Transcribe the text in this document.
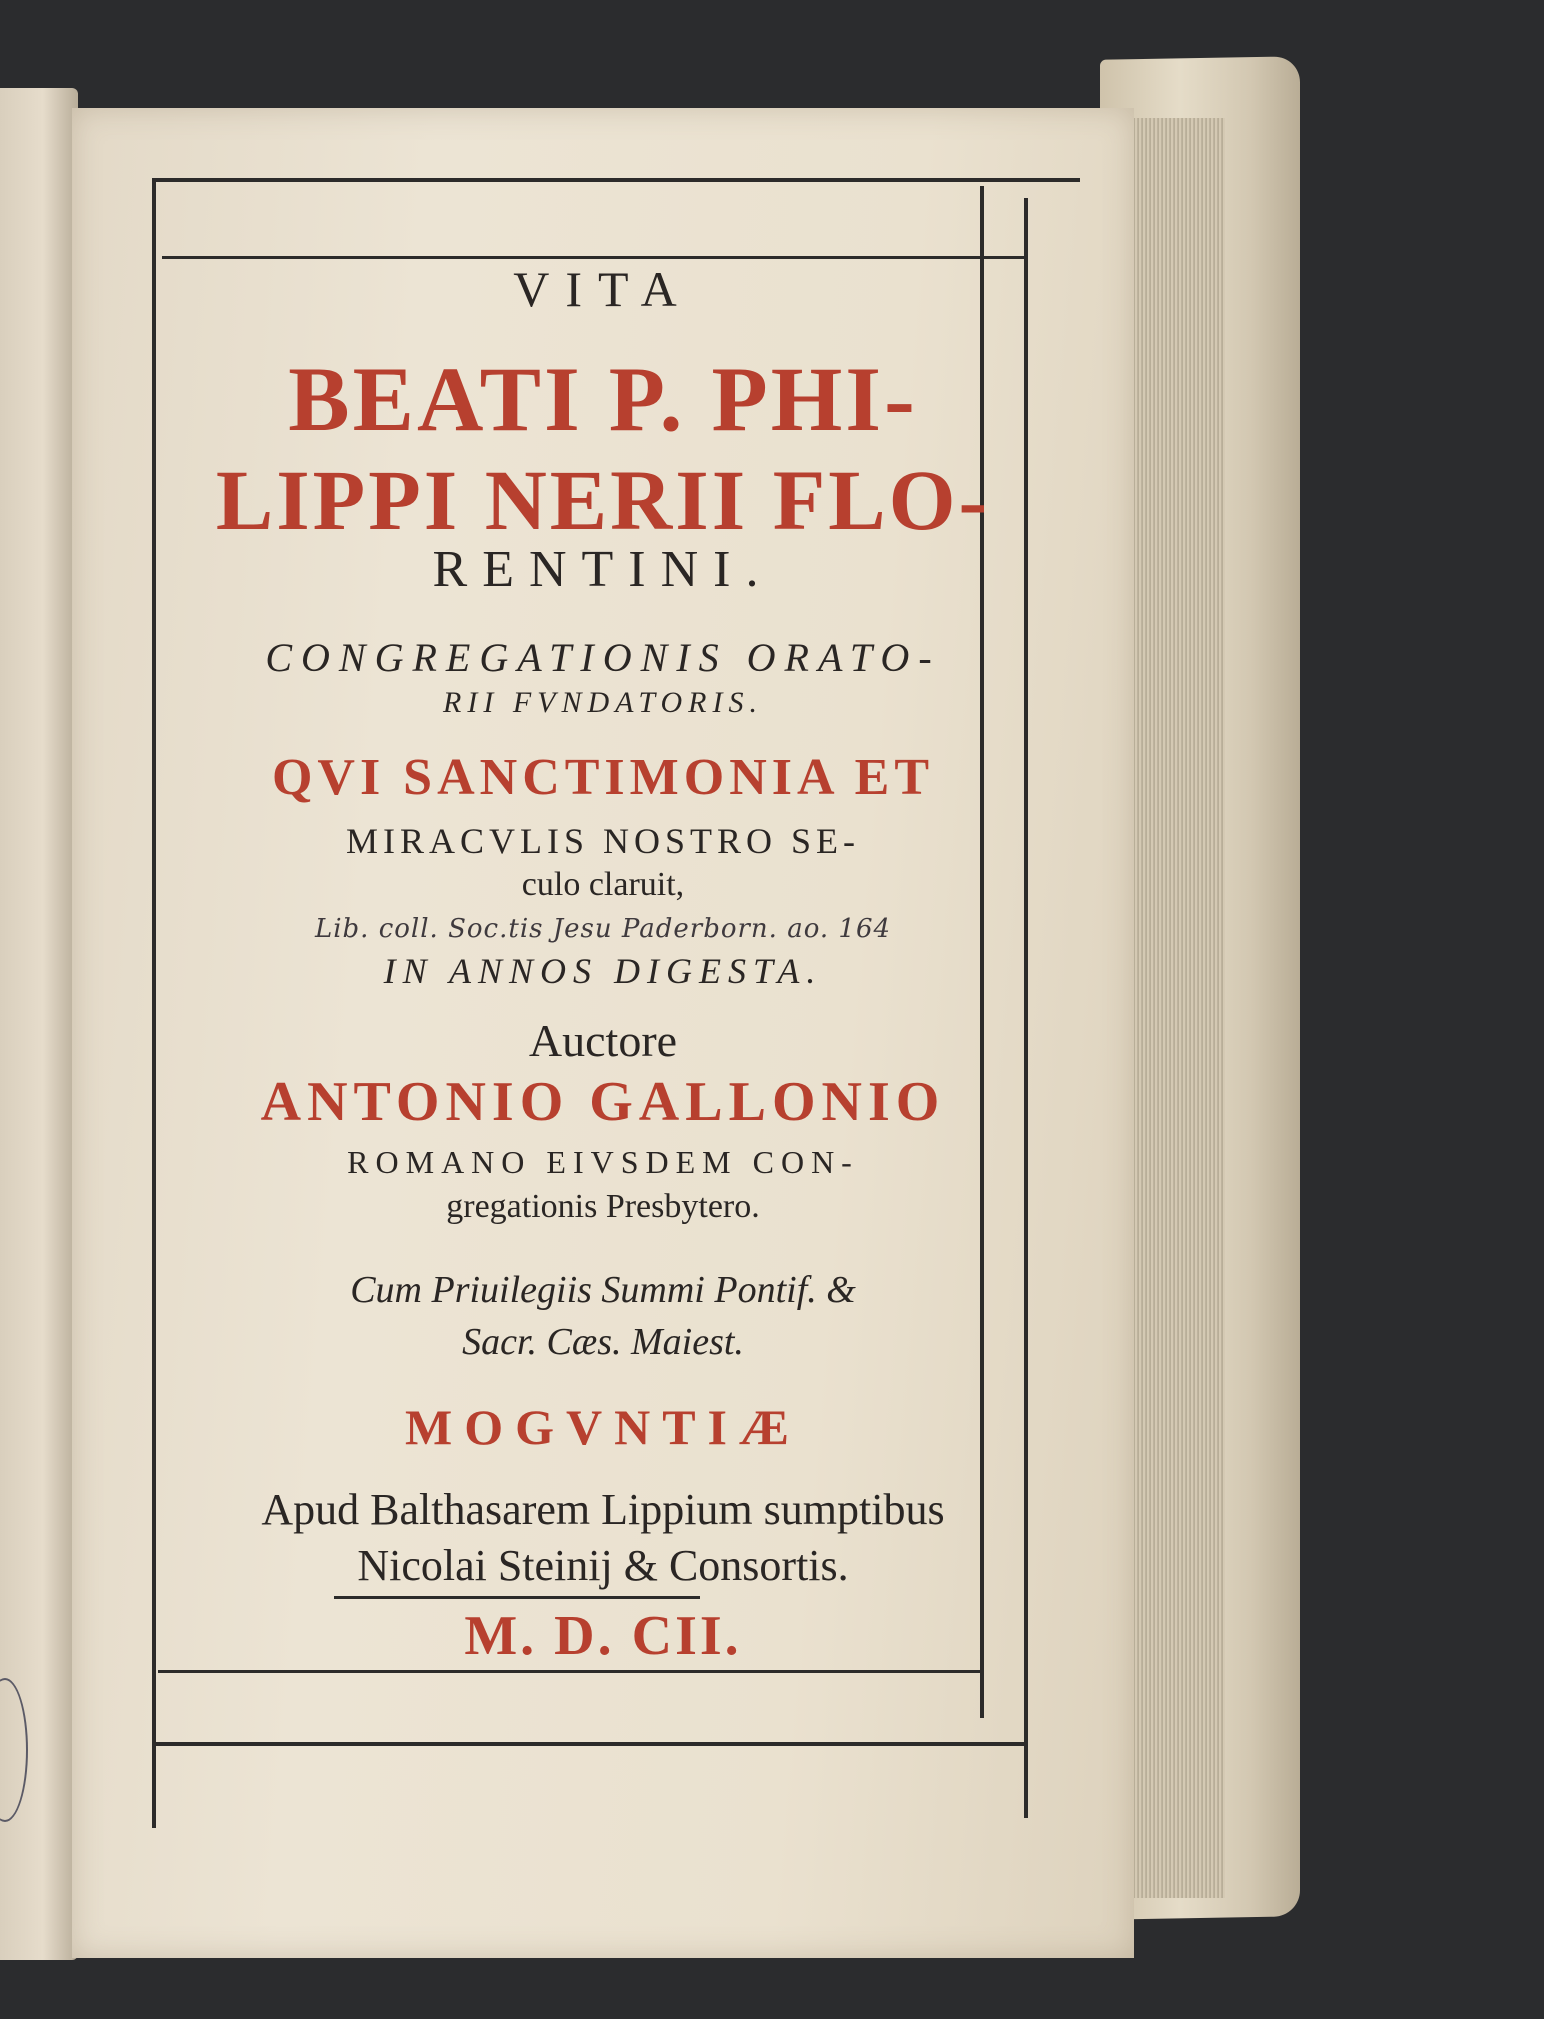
VITA
BEATI P. PHI-
LIPPI NERII FLO-
RENTINI.
CONGREGATIONIS ORATO-
RII FVNDATORIS.
QVI SANCTIMONIA ET
MIRACVLIS NOSTRO SE-
culo claruit,
Lib. coll. Soc.tis Jesu Paderborn. ao. 164
IN ANNOS DIGESTA.
Auctore
ANTONIO GALLONIO
ROMANO EIVSDEM CON-
gregationis Presbytero.
Cum Priuilegiis Summi Pontif. &
Sacr. Cæs. Maiest.
MOGVNTIÆ
Apud Balthasarem Lippium sumptibus
Nicolai Steinij & Consortis.
M. D. CII.
